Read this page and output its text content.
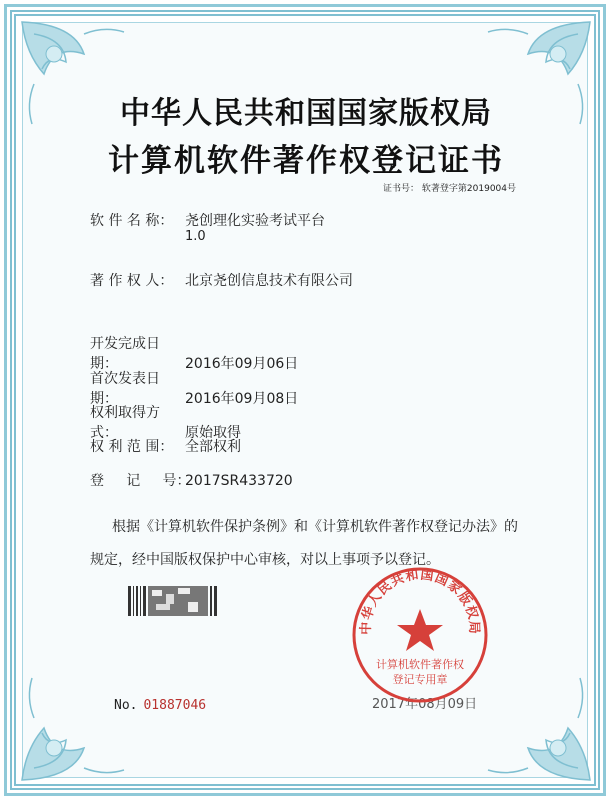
中华人民共和国国家版权局
计算机软件著作权登记证书
证书号： 软著登字第2019004号
软 件 名 称： 尧创理化实验考试平台
1.0
著 作 权 人： 北京尧创信息技术有限公司
开发完成日期：	2016年09月06日
首次发表日期：	2016年09月08日
权利取得方式：	原始取得
权 利 范 围： 全部权利
登     记     号：2017SR433720
根据《计算机软件保护条例》和《计算机软件著作权登记办法》的
规定，经中国版权保护中心审核，对以上事项予以登记。
No. 01887046	2017年08月09日
中华人民共和国国家版权局
计算机软件著作权
登记专用章
